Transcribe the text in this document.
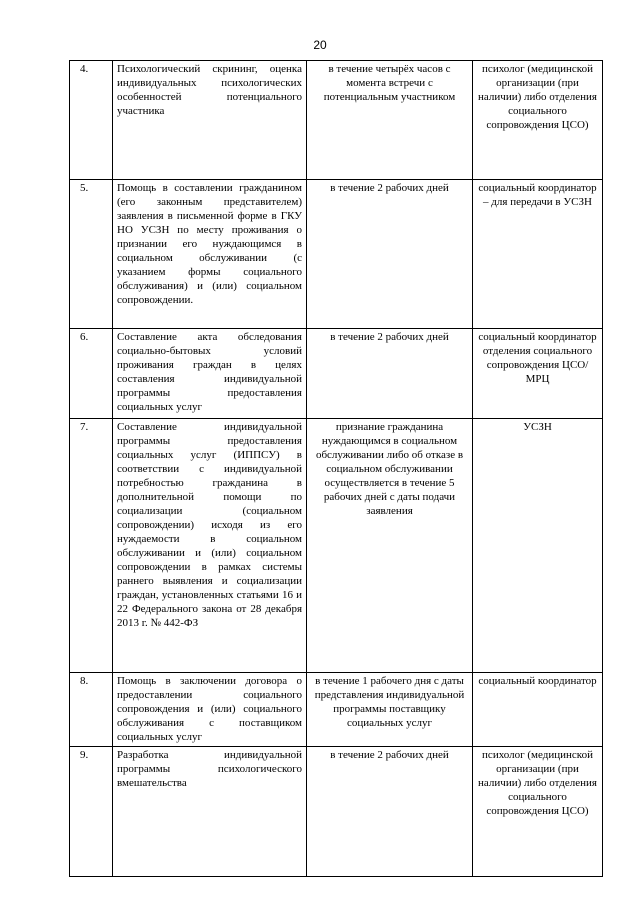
20
4.	Психологический скрининг, оценка индивидуальных психологических особенностей потенциального участника	в течение четырёх часов с момента встречи с потенциальным участником	психолог (медицинской организации (при наличии) либо отделения социального сопровождения ЦСО)
5.	Помощь в составлении гражданином (его законным представителем) заявления в письменной форме в ГКУ НО УСЗН по месту проживания о признании его нуждающимся в социальном обслуживании (с указанием формы социального обслуживания) и (или) социальном сопровождении.	в течение 2 рабочих дней	социальный координатор – для передачи в УСЗН
6.	Составление акта обследования социально-бытовых условий проживания граждан в целях составления индивидуальной программы предоставления социальных услуг	в течение 2 рабочих дней	социальный координатор отделения социального сопровождения ЦСО/МРЦ
7.	Составление индивидуальной программы предоставления социальных услуг (ИППСУ) в соответствии с индивидуальной потребностью гражданина в дополнительной помощи по социализации (социальном сопровождении) исходя из его нуждаемости в социальном обслуживании и (или) социальном сопровождении в рамках системы раннего выявления и социализации граждан, установленных статьями 16 и 22 Федерального закона от 28 декабря 2013 г. № 442-ФЗ	признание гражданина нуждающимся в социальном обслуживании либо об отказе в социальном обслуживании осуществляется в течение 5 рабочих дней с даты подачи заявления	УСЗН
8.	Помощь в заключении договора о предоставлении социального сопровождения и (или) социального обслуживания с поставщиком социальных услуг	в течение 1 рабочего дня с даты представления индивидуальной программы поставщику социальных услуг	социальный координатор
9.	Разработка индивидуальной программы психологического вмешательства	в течение 2 рабочих дней	психолог (медицинской организации (при наличии) либо отделения социального сопровождения ЦСО)
